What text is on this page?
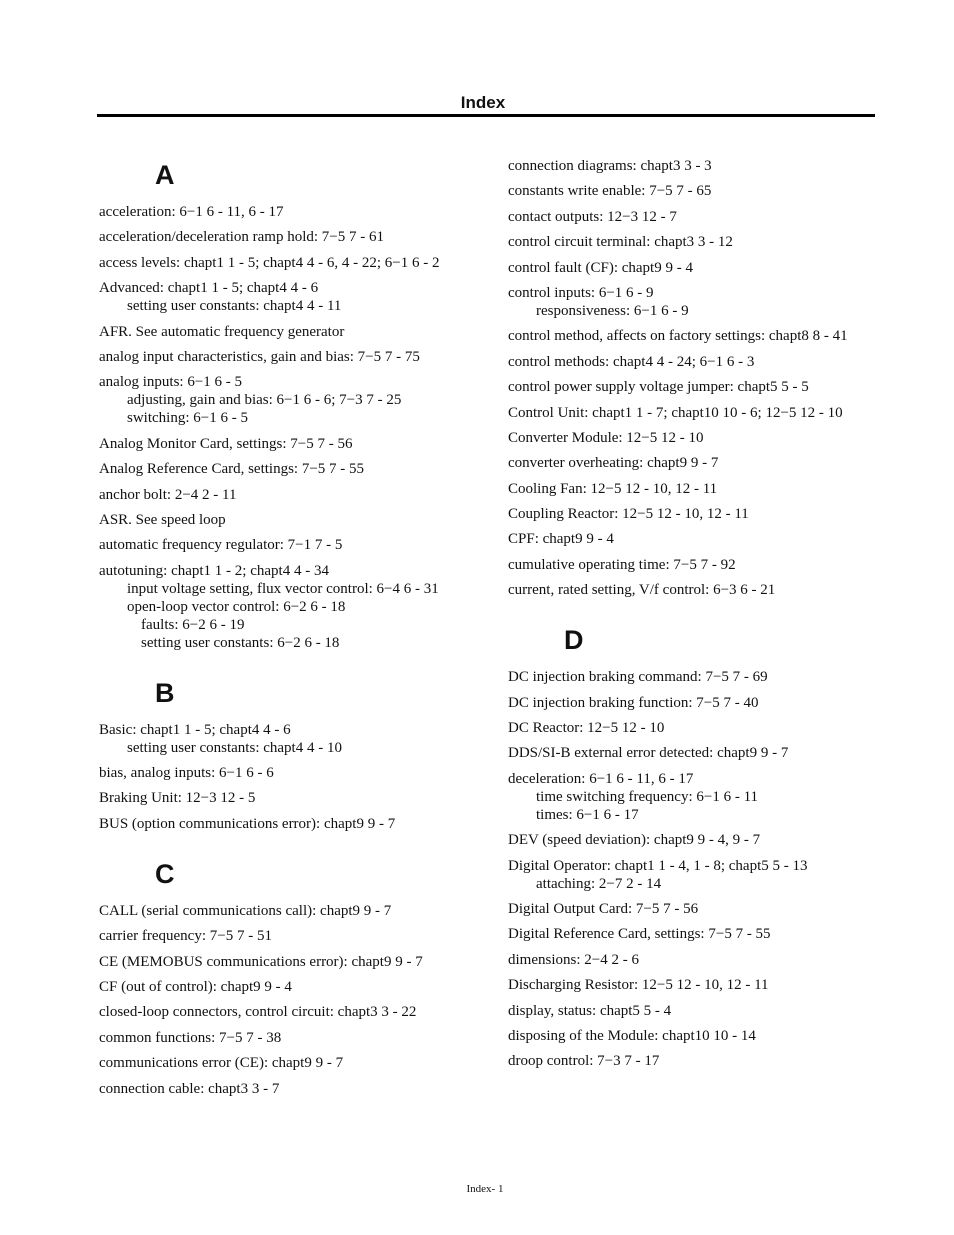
Index
A
acceleration: 6−1 6 - 11, 6 - 17
acceleration/deceleration ramp hold: 7−5 7 - 61
access levels: chapt1 1 - 5; chapt4 4 - 6, 4 - 22; 6−1 6 - 2
Advanced: chapt1 1 - 5; chapt4 4 - 6
setting user constants: chapt4 4 - 11
AFR. See automatic frequency generator
analog input characteristics, gain and bias: 7−5 7 - 75
analog inputs: 6−1 6 - 5
adjusting, gain and bias: 6−1 6 - 6; 7−3 7 - 25
switching: 6−1 6 - 5
Analog Monitor Card, settings: 7−5 7 - 56
Analog Reference Card, settings: 7−5 7 - 55
anchor bolt: 2−4 2 - 11
ASR. See speed loop
automatic frequency regulator: 7−1 7 - 5
autotuning: chapt1 1 - 2; chapt4 4 - 34
input voltage setting, flux vector control: 6−4 6 - 31
open-loop vector control: 6−2 6 - 18
faults: 6−2 6 - 19
setting user constants: 6−2 6 - 18
B
Basic: chapt1 1 - 5; chapt4 4 - 6
setting user constants: chapt4 4 - 10
bias, analog inputs: 6−1 6 - 6
Braking Unit: 12−3 12 - 5
BUS (option communications error): chapt9 9 - 7
C
CALL (serial communications call): chapt9 9 - 7
carrier frequency: 7−5 7 - 51
CE (MEMOBUS communications error): chapt9 9 - 7
CF (out of control): chapt9 9 - 4
closed-loop connectors, control circuit: chapt3 3 - 22
common functions: 7−5 7 - 38
communications error (CE): chapt9 9 - 7
connection cable: chapt3 3 - 7
connection diagrams: chapt3 3 - 3
constants write enable: 7−5 7 - 65
contact outputs: 12−3 12 - 7
control circuit terminal: chapt3 3 - 12
control fault (CF): chapt9 9 - 4
control inputs: 6−1 6 - 9
responsiveness: 6−1 6 - 9
control method, affects on factory settings: chapt8 8 - 41
control methods: chapt4 4 - 24; 6−1 6 - 3
control power supply voltage jumper: chapt5 5 - 5
Control Unit: chapt1 1 - 7; chapt10 10 - 6; 12−5 12 - 10
Converter Module: 12−5 12 - 10
converter overheating: chapt9 9 - 7
Cooling Fan: 12−5 12 - 10, 12 - 11
Coupling Reactor: 12−5 12 - 10, 12 - 11
CPF: chapt9 9 - 4
cumulative operating time: 7−5 7 - 92
current, rated setting, V/f control: 6−3 6 - 21
D
DC injection braking command: 7−5 7 - 69
DC injection braking function: 7−5 7 - 40
DC Reactor: 12−5 12 - 10
DDS/SI-B external error detected: chapt9 9 - 7
deceleration: 6−1 6 - 11, 6 - 17
time switching frequency: 6−1 6 - 11
times: 6−1 6 - 17
DEV (speed deviation): chapt9 9 - 4, 9 - 7
Digital Operator: chapt1 1 - 4, 1 - 8; chapt5 5 - 13
attaching: 2−7 2 - 14
Digital Output Card: 7−5 7 - 56
Digital Reference Card, settings: 7−5 7 - 55
dimensions: 2−4 2 - 6
Discharging Resistor: 12−5 12 - 10, 12 - 11
display, status: chapt5 5 - 4
disposing of the Module: chapt10 10 - 14
droop control: 7−3 7 - 17
Index- 1
